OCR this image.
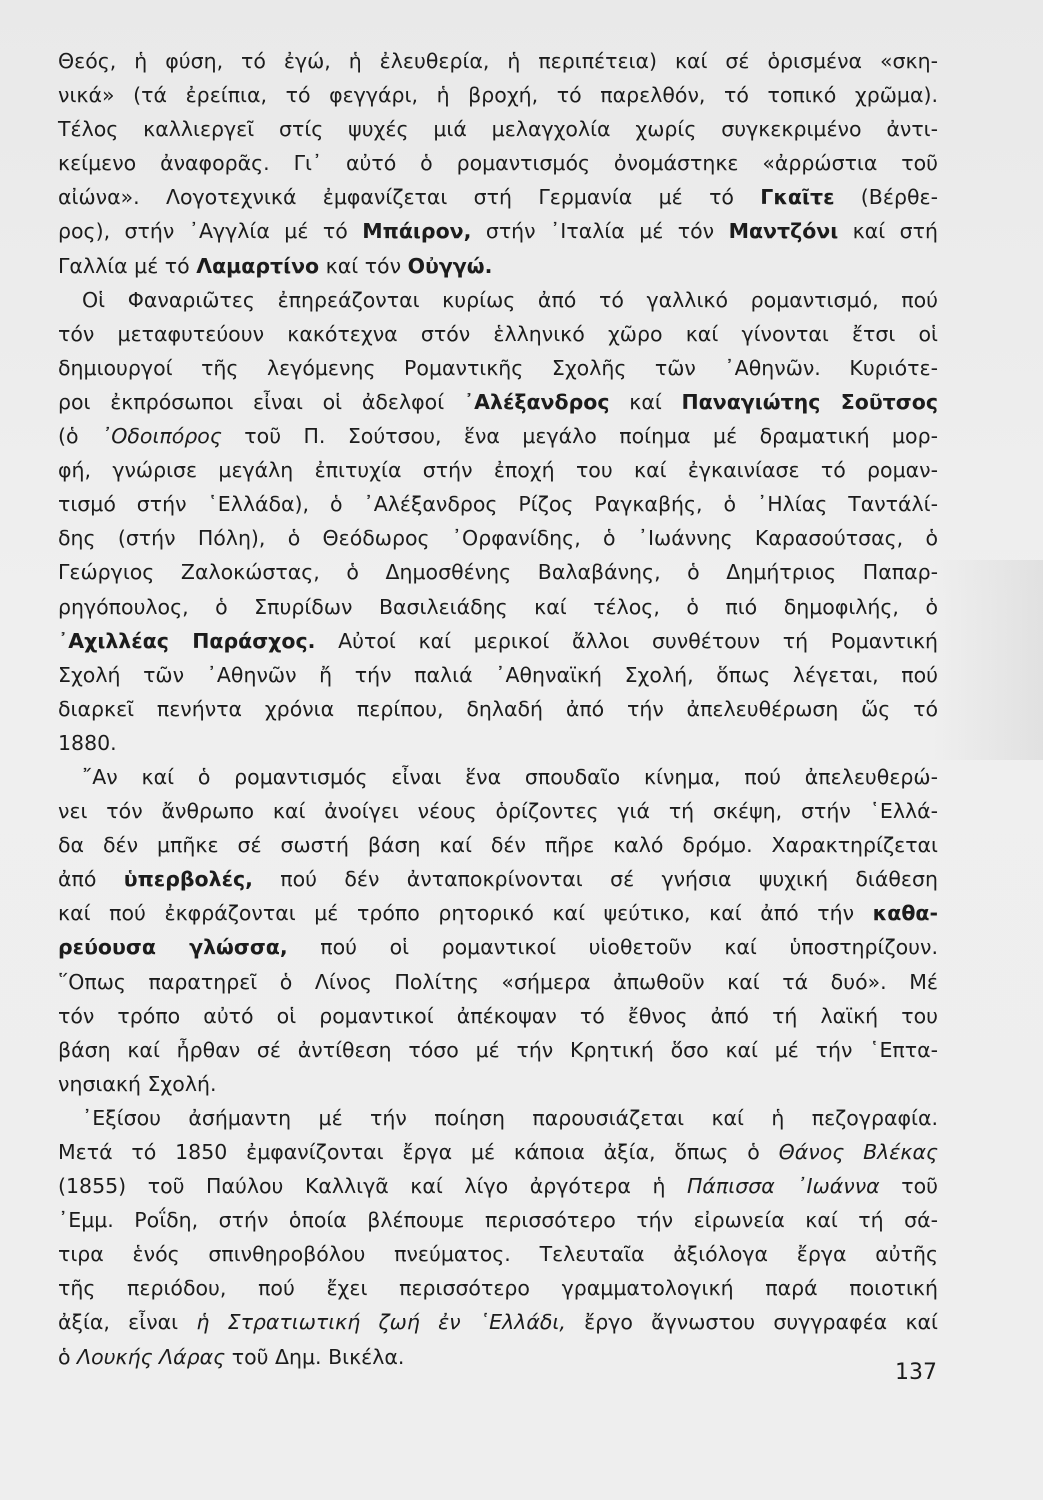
Θεός, ἡ φύση, τό ἐγώ, ἡ ἐλευθερία, ἡ περιπέτεια) καί σέ ὁρισμένα «σκη-
νικά» (τά ἐρείπια, τό φεγγάρι, ἡ βροχή, τό παρελθόν, τό τοπικό χρῶμα).
Τέλος καλλιεργεῖ στίς ψυχές μιά μελαγχολία χωρίς συγκεκριμένο ἀντι-
κείμενο ἀναφορᾶς. Γι᾽ αὐτό ὁ ρομαντισμός ὀνομάστηκε «ἀρρώστια τοῦ
αἰώνα». Λογοτεχνικά ἐμφανίζεται στή Γερμανία μέ τό Γκαῖτε (Βέρθε-
ρος), στήν ᾽Αγγλία μέ τό Μπάιρον, στήν ᾽Ιταλία μέ τόν Μαντζόνι καί στή
Γαλλία μέ τό Λαμαρτίνο καί τόν Οὐγγώ.
Οἱ Φαναριῶτες ἐπηρεάζονται κυρίως ἀπό τό γαλλικό ρομαντισμό, πού
τόν μεταφυτεύουν κακότεχνα στόν ἑλληνικό χῶρο καί γίνονται ἔτσι οἱ
δημιουργοί τῆς λεγόμενης Ρομαντικῆς Σχολῆς τῶν ᾽Αθηνῶν. Κυριότε-
ροι ἐκπρόσωποι εἶναι οἱ ἀδελφοί ᾽Αλέξανδρος καί Παναγιώτης Σοῦτσος
(ὁ ᾽Οδοιπόρος τοῦ Π. Σούτσου, ἕνα μεγάλο ποίημα μέ δραματική μορ-
φή, γνώρισε μεγάλη ἐπιτυχία στήν ἐποχή του καί ἐγκαινίασε τό ρομαν-
τισμό στήν ῾Ελλάδα), ὁ ᾽Αλέξανδρος Ρίζος Ραγκαβής, ὁ ᾽Ηλίας Ταντάλί-
δης (στήν Πόλη), ὁ Θεόδωρος ᾽Ορφανίδης, ὁ ᾽Ιωάννης Καρασούτσας, ὁ
Γεώργιος Ζαλοκώστας, ὁ Δημοσθένης Βαλαβάνης, ὁ Δημήτριος Παπαρ-
ρηγόπουλος, ὁ Σπυρίδων Βασιλειάδης καί τέλος, ὁ πιό δημοφιλής, ὁ
᾽Αχιλλέας Παράσχος. Αὐτοί καί μερικοί ἄλλοι συνθέτουν τή Ρομαντική
Σχολή τῶν ᾽Αθηνῶν ἤ τήν παλιά ᾽Αθηναϊκή Σχολή, ὅπως λέγεται, πού
διαρκεῖ πενήντα χρόνια περίπου, δηλαδή ἀπό τήν ἀπελευθέρωση ὥς τό
1880.
῎Αν καί ὁ ρομαντισμός εἶναι ἕνα σπουδαῖο κίνημα, πού ἀπελευθερώ-
νει τόν ἄνθρωπο καί ἀνοίγει νέους ὁρίζοντες γιά τή σκέψη, στήν ῾Ελλά-
δα δέν μπῆκε σέ σωστή βάση καί δέν πῆρε καλό δρόμο. Χαρακτηρίζεται
ἀπό ὑπερβολές, πού δέν ἀνταποκρίνονται σέ γνήσια ψυχική διάθεση
καί πού ἐκφράζονται μέ τρόπο ρητορικό καί ψεύτικο, καί ἀπό τήν καθα-
ρεύουσα γλώσσα, πού οἱ ρομαντικοί υἱοθετοῦν καί ὑποστηρίζουν.
῞Οπως παρατηρεῖ ὁ Λίνος Πολίτης «σήμερα ἀπωθοῦν καί τά δυό». Μέ
τόν τρόπο αὐτό οἱ ρομαντικοί ἀπέκοψαν τό ἔθνος ἀπό τή λαϊκή του
βάση καί ἦρθαν σέ ἀντίθεση τόσο μέ τήν Κρητική ὅσο καί μέ τήν ῾Επτα-
νησιακή Σχολή.
᾽Εξίσου ἀσήμαντη μέ τήν ποίηση παρουσιάζεται καί ἡ πεζογραφία.
Μετά τό 1850 ἐμφανίζονται ἔργα μέ κάποια ἀξία, ὅπως ὁ Θάνος Βλέκας
(1855) τοῦ Παύλου Καλλιγᾶ καί λίγο ἀργότερα ἡ Πάπισσα ᾽Ιωάννα τοῦ
᾽Εμμ. Ροΐδη, στήν ὁποία βλέπουμε περισσότερο τήν εἰρωνεία καί τή σά-
τιρα ἑνός σπινθηροβόλου πνεύματος. Τελευταῖα ἀξιόλογα ἔργα αὐτῆς
τῆς περιόδου, πού ἔχει περισσότερο γραμματολογική παρά ποιοτική
ἀξία, εἶναι ἡ Στρατιωτική ζωή ἐν ῾Ελλάδι, ἔργο ἄγνωστου συγγραφέα καί
ὁ Λουκής Λάρας τοῦ Δημ. Βικέλα.
137
